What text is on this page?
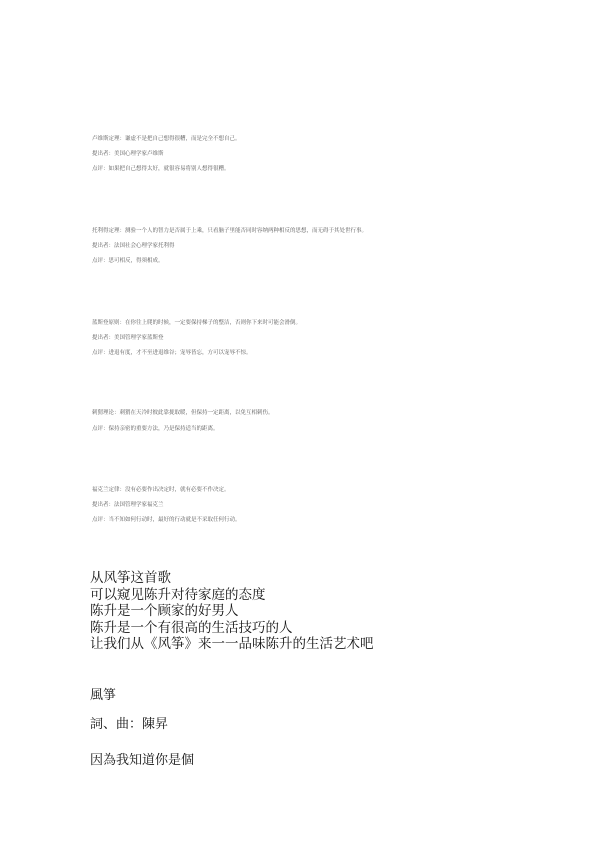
卢维斯定理：谦虚不是把自己想得很糟，而是完全不想自己。

提出者：美国心理学家卢维斯

点评：如果把自己想得太好，就很容易将别人想得很糟。

托利得定理：测验一个人的智力是否属于上乘，只看脑子里能否同时容纳两种相反的思想，而无碍于其处世行事。

提出者：法国社会心理学家托利得

点评：思可相反，得须相成。

蓝斯登原则：在你往上爬的时候，一定要保持梯子的整洁，否则你下来时可能会滑倒。

提出者：美国管理学家蓝斯登

点评：进退有度，才不至进退维谷；宠辱皆忘，方可以宠辱不惊。

刺猬理论：刺猬在天冷时彼此靠拢取暖，但保持一定距离，以免互相刺伤。

点评：保持亲密的重要方法，乃是保持适当的距离。

福克兰定律：没有必要作出决定时，就有必要不作决定。

提出者：法国管理学家福克兰

点评：当不知如何行动时，最好的行动就是不采取任何行动。

从风筝这首歌
可以窥见陈升对待家庭的态度
陈升是一个顾家的好男人
陈升是一个有很高的生活技巧的人
让我们从《风筝》来一一品味陈升的生活艺术吧
風箏
詞、曲：陳昇
因為我知道你是個
